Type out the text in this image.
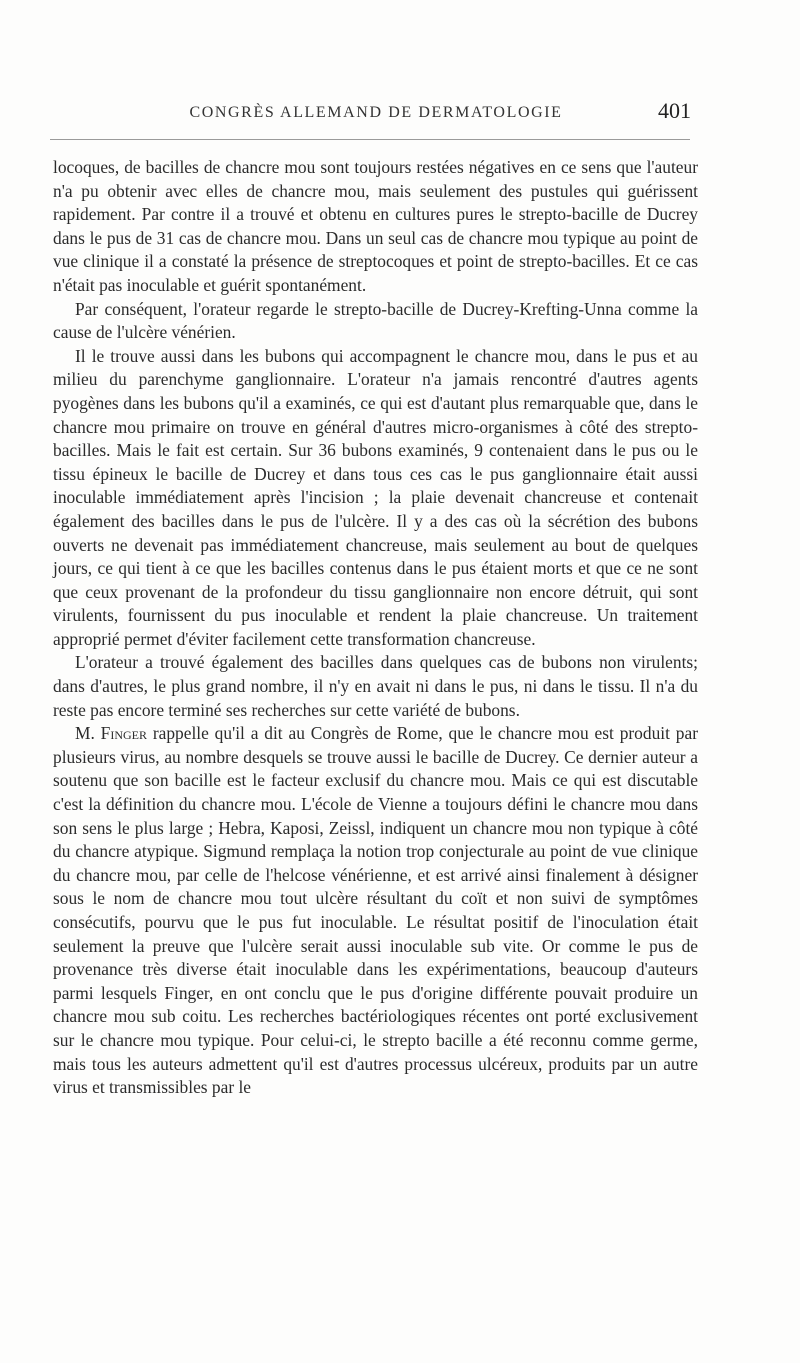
CONGRÈS ALLEMAND DE DERMATOLOGIE	401

locoques, de bacilles de chancre mou sont toujours restées négatives en ce sens que l'auteur n'a pu obtenir avec elles de chancre mou, mais seulement des pustules qui guérissent rapidement. Par contre il a trouvé et obtenu en cultures pures le strepto-bacille de Ducrey dans le pus de 31 cas de chancre mou. Dans un seul cas de chancre mou typique au point de vue clinique il a constaté la présence de streptocoques et point de strepto-bacilles. Et ce cas n'était pas inoculable et guérit spontanément.

Par conséquent, l'orateur regarde le strepto-bacille de Ducrey-Krefting-Unna comme la cause de l'ulcère vénérien.

Il le trouve aussi dans les bubons qui accompagnent le chancre mou, dans le pus et au milieu du parenchyme ganglionnaire. L'orateur n'a jamais rencontré d'autres agents pyogènes dans les bubons qu'il a examinés, ce qui est d'autant plus remarquable que, dans le chancre mou primaire on trouve en général d'autres micro-organismes à côté des strepto-bacilles. Mais le fait est certain. Sur 36 bubons examinés, 9 contenaient dans le pus ou le tissu épineux le bacille de Ducrey et dans tous ces cas le pus ganglionnaire était aussi inoculable immédiatement après l'incision ; la plaie devenait chancreuse et contenait également des bacilles dans le pus de l'ulcère. Il y a des cas où la sécrétion des bubons ouverts ne devenait pas immédiatement chancreuse, mais seulement au bout de quelques jours, ce qui tient à ce que les bacilles contenus dans le pus étaient morts et que ce ne sont que ceux provenant de la profondeur du tissu ganglionnaire non encore détruit, qui sont virulents, fournissent du pus inoculable et rendent la plaie chancreuse. Un traitement approprié permet d'éviter facilement cette transformation chancreuse.

L'orateur a trouvé également des bacilles dans quelques cas de bubons non virulents; dans d'autres, le plus grand nombre, il n'y en avait ni dans le pus, ni dans le tissu. Il n'a du reste pas encore terminé ses recherches sur cette variété de bubons.

M. Finger rappelle qu'il a dit au Congrès de Rome, que le chancre mou est produit par plusieurs virus, au nombre desquels se trouve aussi le bacille de Ducrey. Ce dernier auteur a soutenu que son bacille est le facteur exclusif du chancre mou. Mais ce qui est discutable c'est la définition du chancre mou. L'école de Vienne a toujours défini le chancre mou dans son sens le plus large ; Hebra, Kaposi, Zeissl, indiquent un chancre mou non typique à côté du chancre atypique. Sigmund remplaça la notion trop conjecturale au point de vue clinique du chancre mou, par celle de l'helcose vénérienne, et est arrivé ainsi finalement à désigner sous le nom de chancre mou tout ulcère résultant du coït et non suivi de symptômes consécutifs, pourvu que le pus fut inoculable. Le résultat positif de l'inoculation était seulement la preuve que l'ulcère serait aussi inoculable sub vite. Or comme le pus de provenance très diverse était inoculable dans les expérimentations, beaucoup d'auteurs parmi lesquels Finger, en ont conclu que le pus d'origine différente pouvait produire un chancre mou sub coitu. Les recherches bactériologiques récentes ont porté exclusivement sur le chancre mou typique. Pour celui-ci, le strepto bacille a été reconnu comme germe, mais tous les auteurs admettent qu'il est d'autres processus ulcéreux, produits par un autre virus et transmissibles par le
